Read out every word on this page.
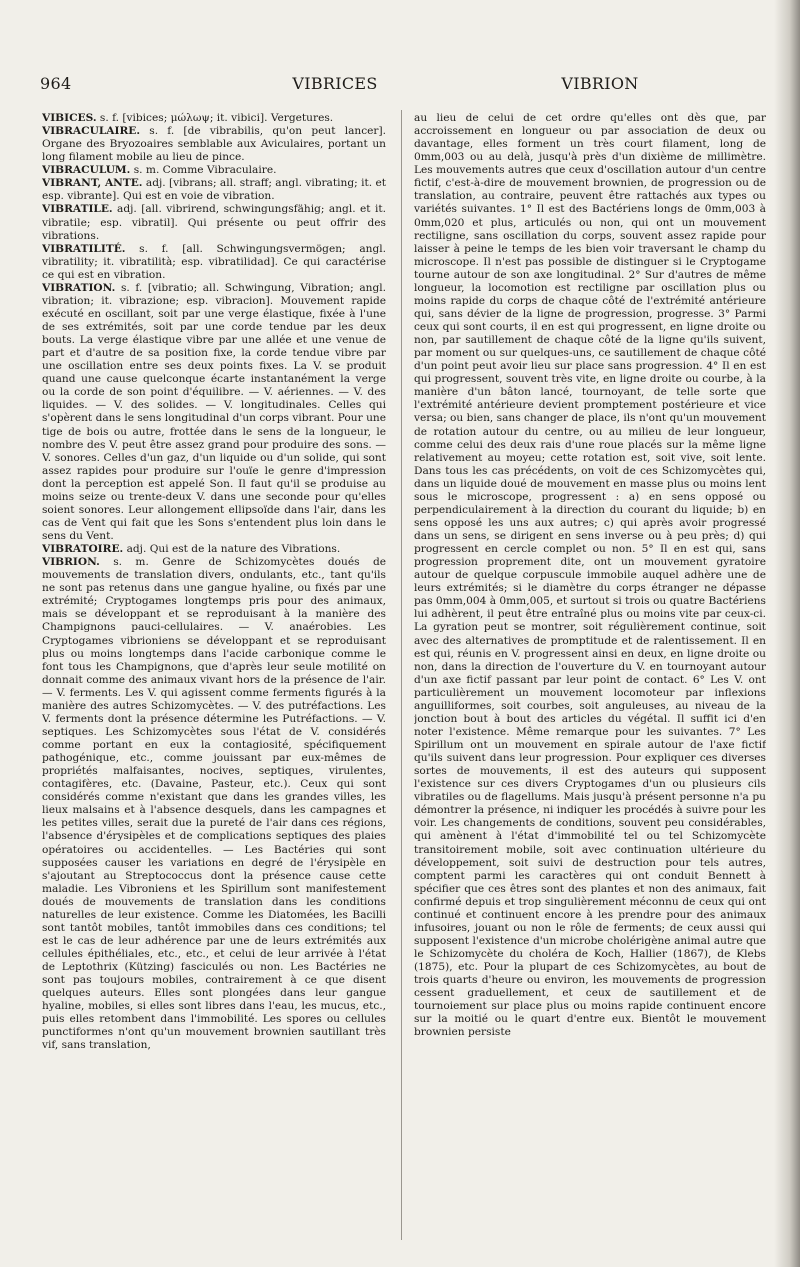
964	VIBRICES	VIBRION

VIBICES. s. f. [vibices; μώλωψ; it. vibici]. Vergetures.

VIBRACULAIRE. s. f. [de vibrabilis, qu'on peut lancer]. Organe des Bryozoaires semblable aux Aviculaires, portant un long filament mobile au lieu de pince.

VIBRACULUM. s. m. Comme Vibraculaire.

VIBRANT, ANTE. adj. [vibrans; all. straff; angl. vibrating; it. et esp. vibrante]. Qui est en voie de vibration.

VIBRATILE. adj. [all. vibrirend, schwingungsfähig; angl. et it. vibratile; esp. vibratil]. Qui présente ou peut offrir des vibrations.

VIBRATILITÉ. s. f. [all. Schwingungsvermögen; angl. vibratility; it. vibratilità; esp. vibratilidad]. Ce qui caractérise ce qui est en vibration.

VIBRATION. s. f. [vibratio; all. Schwingung, Vibration; angl. vibration; it. vibrazione; esp. vibracion]. Mouvement rapide exécuté en oscillant, soit par une verge élastique, fixée à l'une de ses extrémités, soit par une corde tendue par les deux bouts. La verge élastique vibre par une allée et une venue de part et d'autre de sa position fixe, la corde tendue vibre par une oscillation entre ses deux points fixes. La V. se produit quand une cause quelconque écarte instantanément la verge ou la corde de son point d'équilibre. — V. aériennes. — V. des liquides. — V. des solides. — V. longitudinales. Celles qui s'opèrent dans le sens longitudinal d'un corps vibrant. Pour une tige de bois ou autre, frottée dans le sens de la longueur, le nombre des V. peut être assez grand pour produire des sons. — V. sonores. Celles d'un gaz, d'un liquide ou d'un solide, qui sont assez rapides pour produire sur l'ouïe le genre d'impression dont la perception est appelé Son. Il faut qu'il se produise au moins seize ou trente-deux V. dans une seconde pour qu'elles soient sonores. Leur allongement ellipsoïde dans l'air, dans les cas de Vent qui fait que les Sons s'entendent plus loin dans le sens du Vent.

VIBRATOIRE. adj. Qui est de la nature des Vibrations.

VIBRION. s. m. Genre de Schizomycètes doués de mouvements de translation divers, ondulants, etc., tant qu'ils ne sont pas retenus dans une gangue hyaline, ou fixés par une extrémité; Cryptogames longtemps pris pour des animaux, mais se développant et se reproduisant à la manière des Champignons pauci-cellulaires. — V. anaérobies. Les Cryptogames vibrioniens se développant et se reproduisant plus ou moins longtemps dans l'acide carbonique comme le font tous les Champignons, que d'après leur seule motilité on donnait comme des animaux vivant hors de la présence de l'air. — V. ferments. Les V. qui agissent comme ferments figurés à la manière des autres Schizomycètes. — V. des putréfactions. Les V. ferments dont la présence détermine les Putréfactions. — V. septiques. Les Schizomycètes sous l'état de V. considérés comme portant en eux la contagiosité, spécifiquement pathogénique, etc., comme jouissant par eux-mêmes de propriétés malfaisantes, nocives, septiques, virulentes, contagifères, etc. (Davaine, Pasteur, etc.). Ceux qui sont considérés comme n'existant que dans les grandes villes, les lieux malsains et à l'absence desquels, dans les campagnes et les petites villes, serait due la pureté de l'air dans ces régions, l'absence d'érysipèles et de complications septiques des plaies opératoires ou accidentelles. — Les Bactéries qui sont supposées causer les variations en degré de l'érysipèle en s'ajoutant au Streptococcus dont la présence cause cette maladie. Les Vibroniens et les Spirillum sont manifestement doués de mouvements de translation dans les conditions naturelles de leur existence. Comme les Diatomées, les Bacilli sont tantôt mobiles, tantôt immobiles dans ces conditions; tel est le cas de leur adhérence par une de leurs extrémités aux cellules épithéliales, etc., etc., et celui de leur arrivée à l'état de Leptothrix (Kützing) fasciculés ou non. Les Bactéries ne sont pas toujours mobiles, contrairement à ce que disent quelques auteurs. Elles sont plongées dans leur gangue hyaline, mobiles, si elles sont libres dans l'eau, les mucus, etc., puis elles retombent dans l'immobilité. Les spores ou cellules punctiformes n'ont qu'un mouvement brownien sautillant très vif, sans translation,

au lieu de celui de cet ordre qu'elles ont dès que, par accroissement en longueur ou par association de deux ou davantage, elles forment un très court filament, long de 0mm,003 ou au delà, jusqu'à près d'un dixième de millimètre. Les mouvements autres que ceux d'oscillation autour d'un centre fictif, c'est-à-dire de mouvement brownien, de progression ou de translation, au contraire, peuvent être rattachés aux types ou variétés suivantes. 1° Il est des Bactériens longs de 0mm,003 à 0mm,020 et plus, articulés ou non, qui ont un mouvement rectiligne, sans oscillation du corps, souvent assez rapide pour laisser à peine le temps de les bien voir traversant le champ du microscope. Il n'est pas possible de distinguer si le Cryptogame tourne autour de son axe longitudinal. 2° Sur d'autres de même longueur, la locomotion est rectiligne par oscillation plus ou moins rapide du corps de chaque côté de l'extrémité antérieure qui, sans dévier de la ligne de progression, progresse. 3° Parmi ceux qui sont courts, il en est qui progressent, en ligne droite ou non, par sautillement de chaque côté de la ligne qu'ils suivent, par moment ou sur quelques-uns, ce sautillement de chaque côté d'un point peut avoir lieu sur place sans progression. 4° Il en est qui progressent, souvent très vite, en ligne droite ou courbe, à la manière d'un bâton lancé, tournoyant, de telle sorte que l'extrémité antérieure devient promptement postérieure et vice versa; ou bien, sans changer de place, ils n'ont qu'un mouvement de rotation autour du centre, ou au milieu de leur longueur, comme celui des deux rais d'une roue placés sur la même ligne relativement au moyeu; cette rotation est, soit vive, soit lente. Dans tous les cas précédents, on voit de ces Schizomycètes qui, dans un liquide doué de mouvement en masse plus ou moins lent sous le microscope, progressent : a) en sens opposé ou perpendiculairement à la direction du courant du liquide; b) en sens opposé les uns aux autres; c) qui après avoir progressé dans un sens, se dirigent en sens inverse ou à peu près; d) qui progressent en cercle complet ou non. 5° Il en est qui, sans progression proprement dite, ont un mouvement gyratoire autour de quelque corpuscule immobile auquel adhère une de leurs extrémités; si le diamètre du corps étranger ne dépasse pas 0mm,004 à 0mm,005, et surtout si trois ou quatre Bactériens lui adhèrent, il peut être entraîné plus ou moins vite par ceux-ci. La gyration peut se montrer, soit régulièrement continue, soit avec des alternatives de promptitude et de ralentissement. Il en est qui, réunis en V. progressent ainsi en deux, en ligne droite ou non, dans la direction de l'ouverture du V. en tournoyant autour d'un axe fictif passant par leur point de contact. 6° Les V. ont particulièrement un mouvement locomoteur par inflexions anguilliformes, soit courbes, soit anguleuses, au niveau de la jonction bout à bout des articles du végétal. Il suffit ici d'en noter l'existence. Même remarque pour les suivantes. 7° Les Spirillum ont un mouvement en spirale autour de l'axe fictif qu'ils suivent dans leur progression. Pour expliquer ces diverses sortes de mouvements, il est des auteurs qui supposent l'existence sur ces divers Cryptogames d'un ou plusieurs cils vibratiles ou de flagellums. Mais jusqu'à présent personne n'a pu démontrer la présence, ni indiquer les procédés à suivre pour les voir. Les changements de conditions, souvent peu considérables, qui amènent à l'état d'immobilité tel ou tel Schizomycète transitoirement mobile, soit avec continuation ultérieure du développement, soit suivi de destruction pour tels autres, comptent parmi les caractères qui ont conduit Bennett à spécifier que ces êtres sont des plantes et non des animaux, fait confirmé depuis et trop singulièrement méconnu de ceux qui ont continué et continuent encore à les prendre pour des animaux infusoires, jouant ou non le rôle de ferments; de ceux aussi qui supposent l'existence d'un microbe cholérigène animal autre que le Schizomycète du choléra de Koch, Hallier (1867), de Klebs (1875), etc. Pour la plupart de ces Schizomycètes, au bout de trois quarts d'heure ou environ, les mouvements de progression cessent graduellement, et ceux de sautillement et de tournoiement sur place plus ou moins rapide continuent encore sur la moitié ou le quart d'entre eux. Bientôt le mouvement brownien persiste
